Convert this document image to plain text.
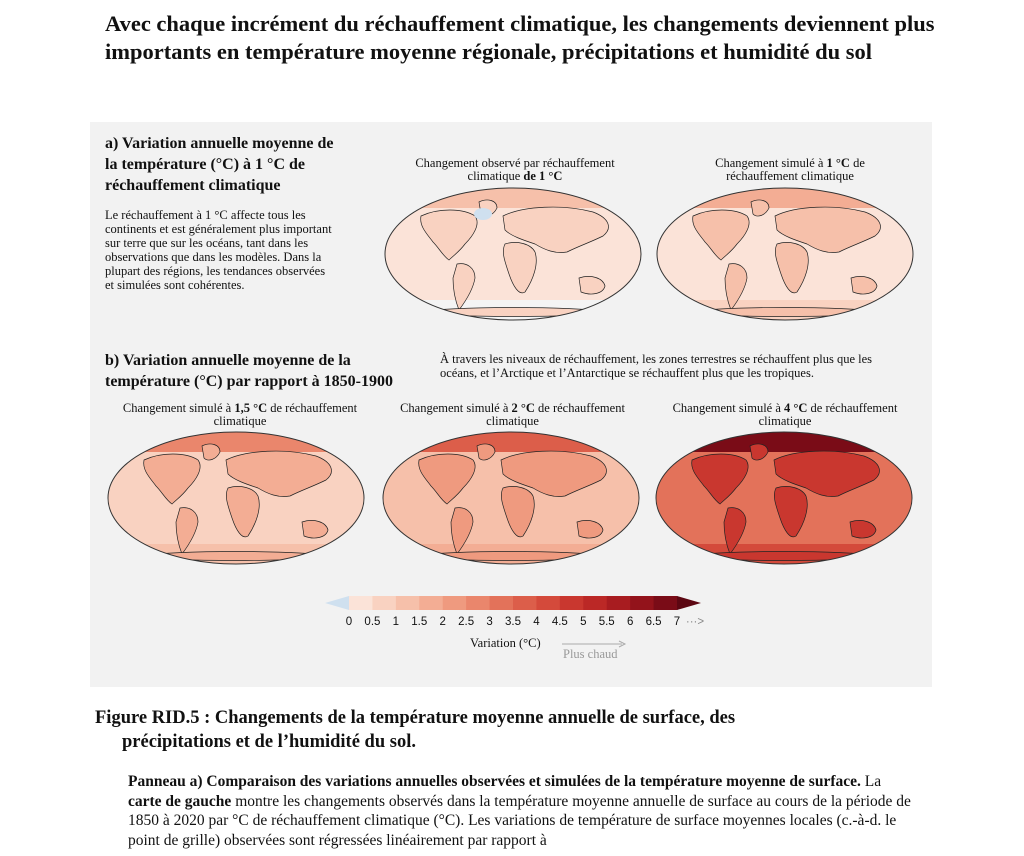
Avec chaque incrément du réchauffement climatique, les changements deviennent plus importants en température moyenne régionale, précipitations et humidité du sol
a) Variation annuelle moyenne de la température (°C) à 1 °C de réchauffement climatique
Le réchauffement à 1 °C affecte tous les continents et est généralement plus important sur terre que sur les océans, tant dans les observations que dans les modèles. Dans la plupart des régions, les tendances observées et simulées sont cohérentes.
Changement observé par réchauffement climatique de 1 °C
Changement simulé à 1 °C de réchauffement climatique
b) Variation annuelle moyenne de la température (°C) par rapport à 1850-1900
À travers les niveaux de réchauffement, les zones terrestres se réchauffent plus que les océans, et l’Arctique et l’Antarctique se réchauffent plus que les tropiques.
Changement simulé à 1,5 °C de réchauffement climatique
Changement simulé à 2 °C de réchauffement climatique
Changement simulé à 4 °C de réchauffement climatique
0 0.5 1 1.5 2 2.5 3 3.5 4 4.5 5 5.5 6 6.5 7 ···>
Variation (°C)
Plus chaud
Figure RID.5 : Changements de la température moyenne annuelle de surface, des
précipitations et de l’humidité du sol.
Panneau a) Comparaison des variations annuelles observées et simulées de la température moyenne de surface. La carte de gauche montre les changements observés dans la température moyenne annuelle de surface au cours de la période de 1850 à 2020 par °C de réchauffement climatique (°C). Les variations de température de surface moyennes locales (c.-à-d. le point de grille) observées sont régressées linéairement par rapport à
